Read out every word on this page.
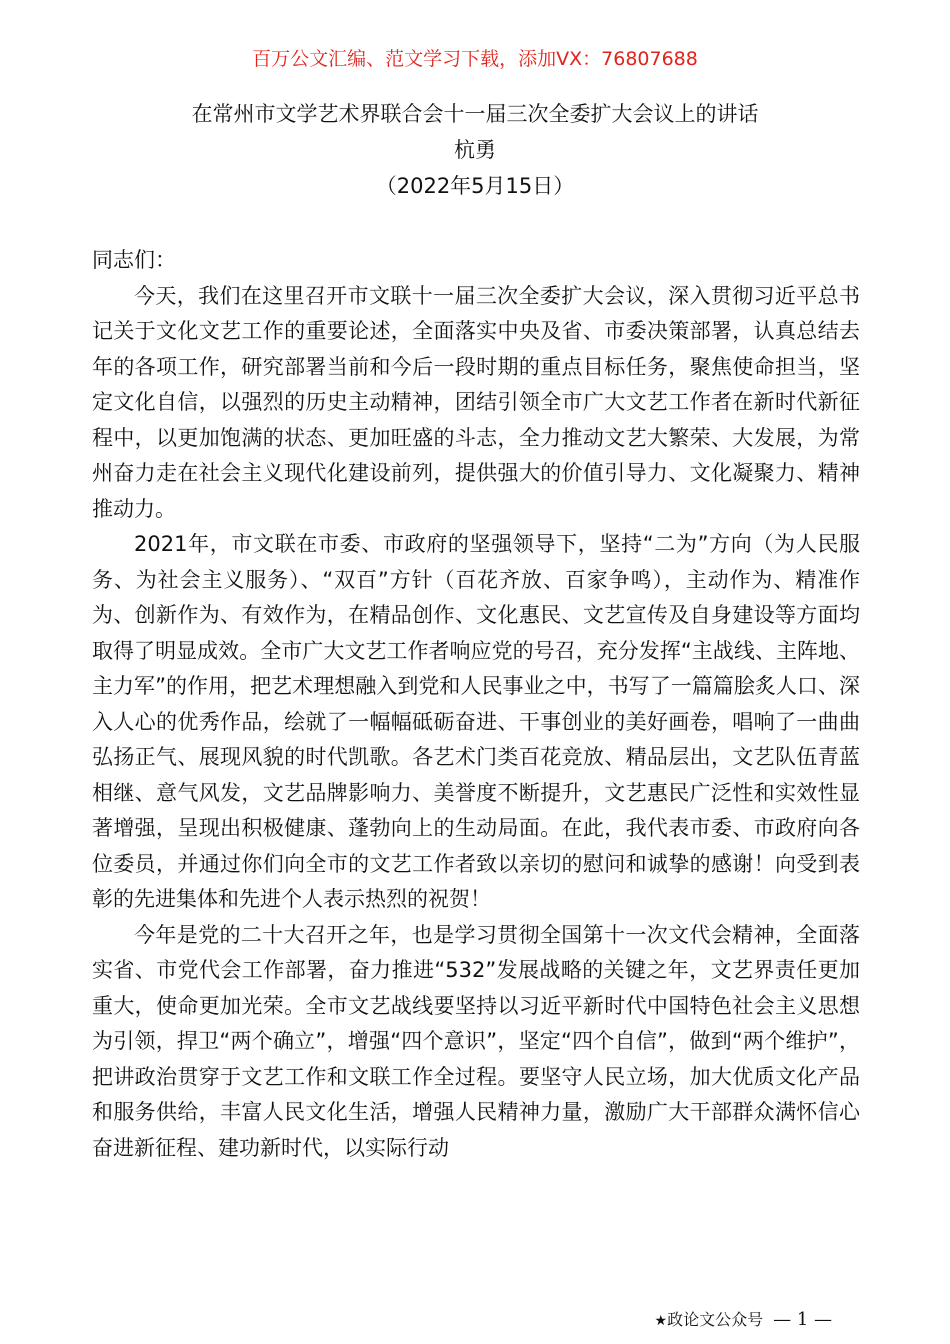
百万公文汇编、范文学习下载，添加VX：76807688
在常州市文学艺术界联合会十一届三次全委扩大会议上的讲话
杭勇
（2022年5月15日）

同志们：

今天，我们在这里召开市文联十一届三次全委扩大会议，深入贯彻习近平总书记关于文化文艺工作的重要论述，全面落实中央及省、市委决策部署，认真总结去年的各项工作，研究部署当前和今后一段时期的重点目标任务，聚焦使命担当，坚定文化自信，以强烈的历史主动精神，团结引领全市广大文艺工作者在新时代新征程中，以更加饱满的状态、更加旺盛的斗志，全力推动文艺大繁荣、大发展，为常州奋力走在社会主义现代化建设前列，提供强大的价值引导力、文化凝聚力、精神推动力。

2021年，市文联在市委、市政府的坚强领导下，坚持“二为”方向（为人民服务、为社会主义服务）、“双百”方针（百花齐放、百家争鸣），主动作为、精准作为、创新作为、有效作为，在精品创作、文化惠民、文艺宣传及自身建设等方面均取得了明显成效。全市广大文艺工作者响应党的号召，充分发挥“主战线、主阵地、主力军”的作用，把艺术理想融入到党和人民事业之中，书写了一篇篇脍炙人口、深入人心的优秀作品，绘就了一幅幅砥砺奋进、干事创业的美好画卷，唱响了一曲曲弘扬正气、展现风貌的时代凯歌。各艺术门类百花竞放、精品层出，文艺队伍青蓝相继、意气风发，文艺品牌影响力、美誉度不断提升，文艺惠民广泛性和实效性显著增强，呈现出积极健康、蓬勃向上的生动局面。在此，我代表市委、市政府向各位委员，并通过你们向全市的文艺工作者致以亲切的慰问和诚挚的感谢！向受到表彰的先进集体和先进个人表示热烈的祝贺！

今年是党的二十大召开之年，也是学习贯彻全国第十一次文代会精神，全面落实省、市党代会工作部署，奋力推进“532”发展战略的关键之年，文艺界责任更加重大，使命更加光荣。全市文艺战线要坚持以习近平新时代中国特色社会主义思想为引领，捍卫“两个确立”，增强“四个意识”，坚定“四个自信”，做到“两个维护”，把讲政治贯穿于文艺工作和文联工作全过程。要坚守人民立场，加大优质文化产品和服务供给，丰富人民文化生活，增强人民精神力量，激励广大干部群众满怀信心奋进新征程、建功新时代，以实际行动

★政论文公众号 — 1 —
